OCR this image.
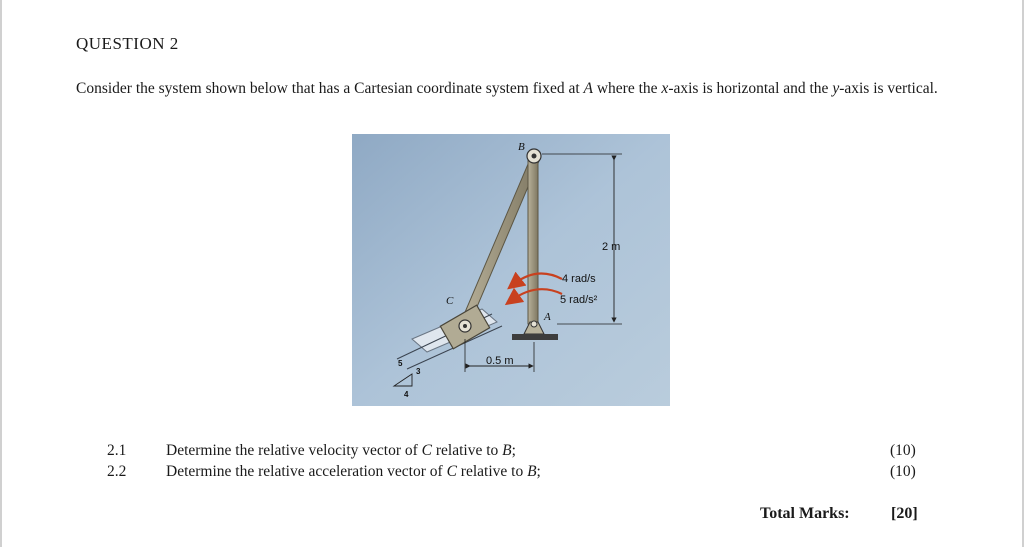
QUESTION 2
Consider the system shown below that has a Cartesian coordinate system fixed at A where the x-axis is horizontal and the y-axis is vertical.
B
C
A
2 m
0.5 m
4 rad/s
5 rad/s²
5
3
4
2.1	Determine the relative velocity vector of C relative to B;	(10)
2.2	Determine the relative acceleration vector of C relative to B;	(10)
Total Marks:	[20]
